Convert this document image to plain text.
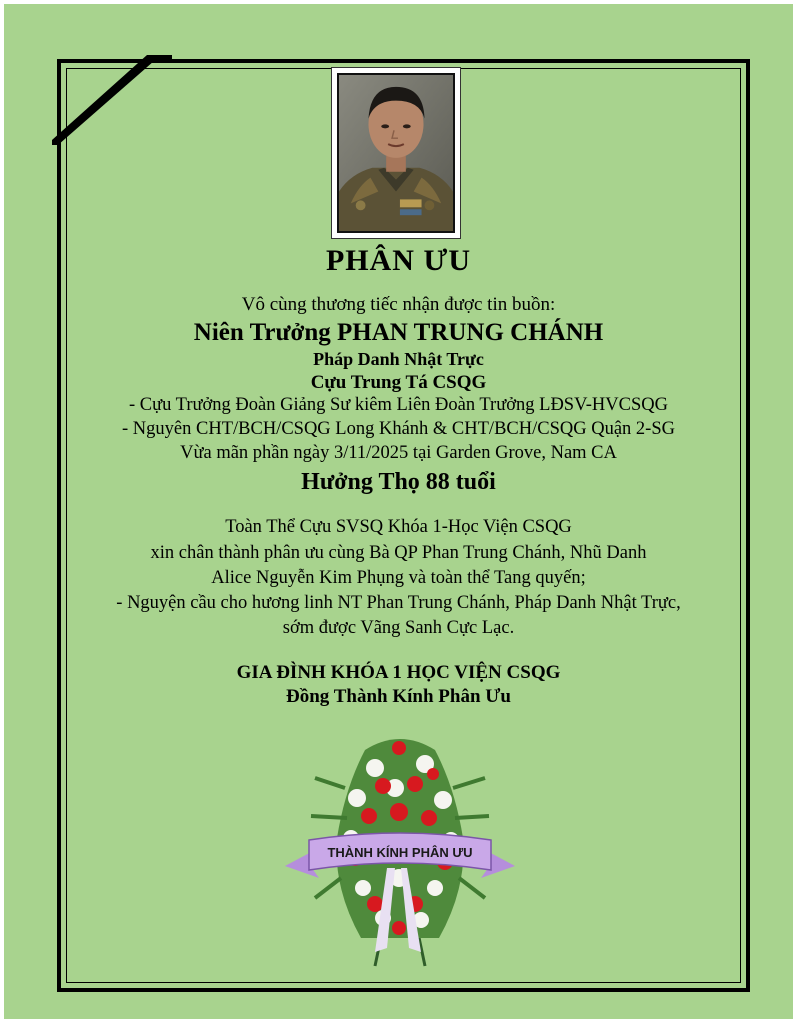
PHÂN ƯU
Vô cùng thương tiếc nhận được tin buồn:
Niên Trưởng PHAN TRUNG CHÁNH
Pháp Danh Nhật Trực
Cựu Trung Tá CSQG
- Cựu Trưởng Đoàn Giảng Sư kiêm Liên Đoàn Trưởng LĐSV-HVCSQG
- Nguyên CHT/BCH/CSQG Long Khánh & CHT/BCH/CSQG Quận 2-SG
Vừa mãn phần ngày 3/11/2025 tại Garden Grove, Nam CA
Hưởng Thọ 88 tuổi
Toàn Thể Cựu SVSQ Khóa 1-Học Viện CSQG
xin chân thành phân ưu cùng Bà QP Phan Trung Chánh, Nhũ Danh
Alice Nguyễn Kim Phụng và toàn thể Tang quyến;
- Nguyện cầu cho hương linh NT Phan Trung Chánh, Pháp Danh Nhật Trực,
sớm được Vãng Sanh Cực Lạc.
GIA ĐÌNH KHÓA 1 HỌC VIỆN CSQG
Đồng Thành Kính Phân Ưu
THÀNH KÍNH PHÂN ƯU
